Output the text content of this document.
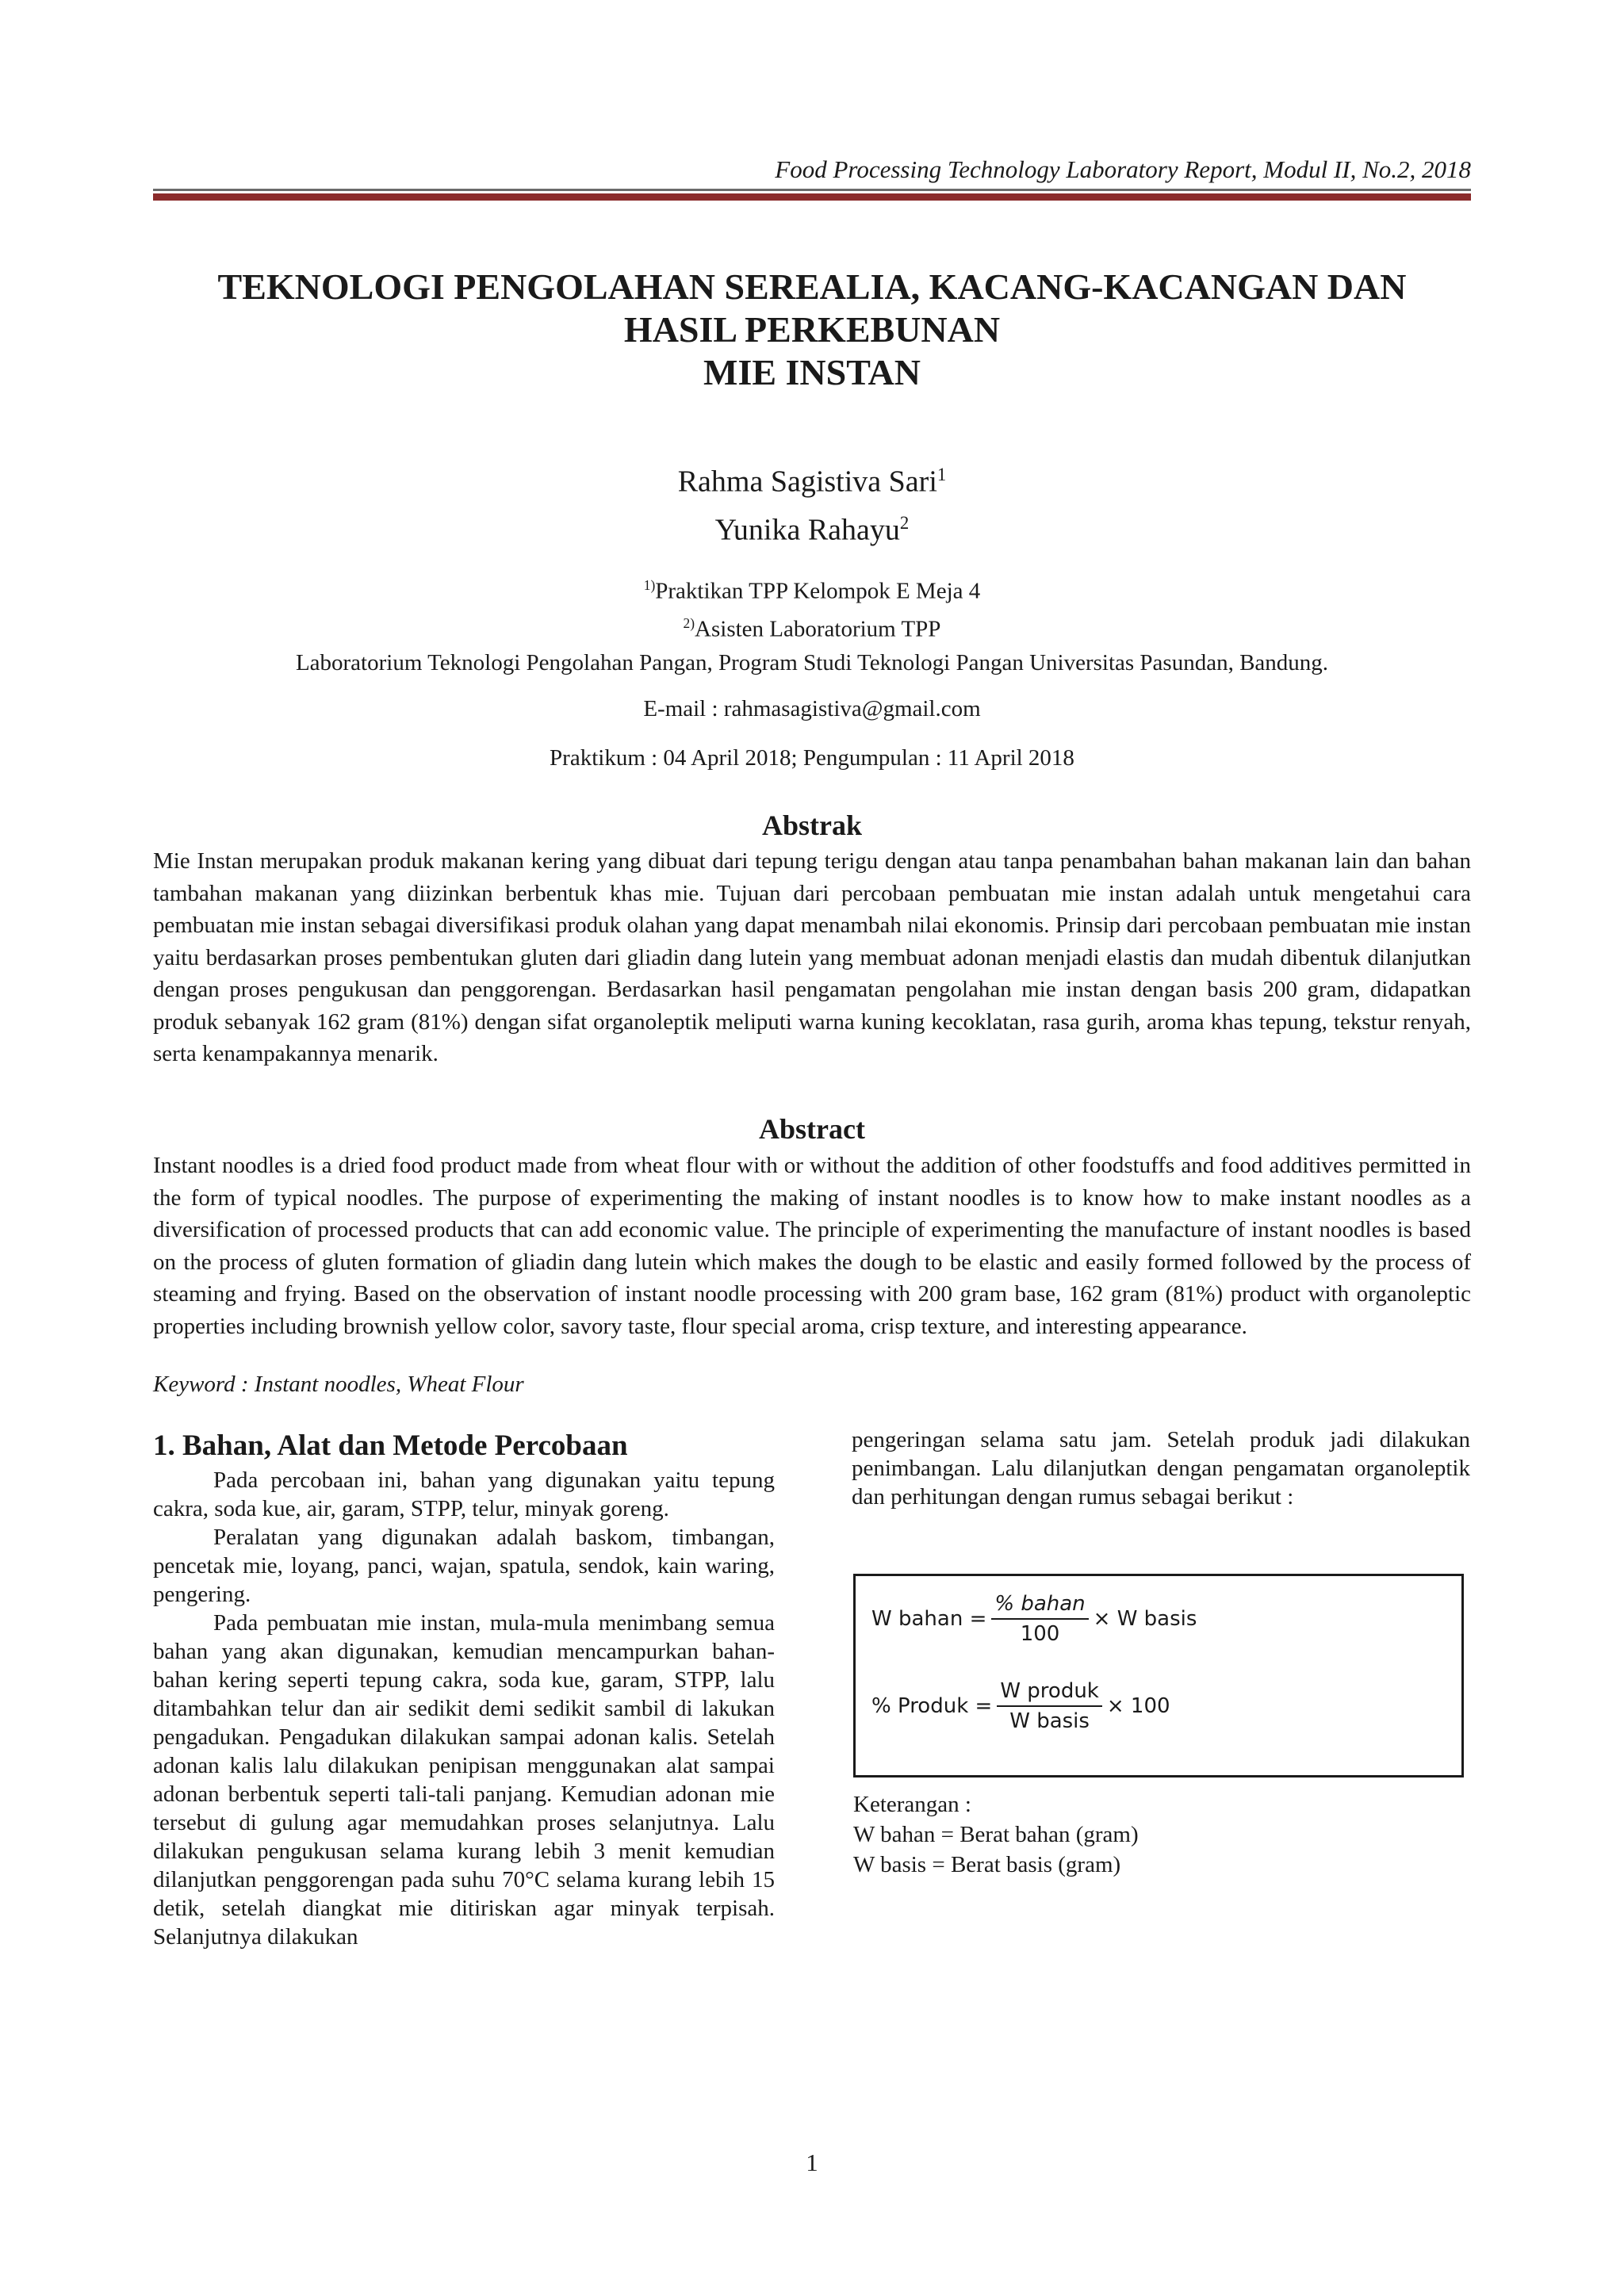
Food Processing Technology Laboratory Report, Modul II, No.2, 2018
TEKNOLOGI PENGOLAHAN SEREALIA, KACANG-KACANGAN DAN
HASIL PERKEBUNAN
MIE INSTAN
Rahma Sagistiva Sari$^1$
Yunika Rahayu$^2$
$^{1)}$Praktikan TPP Kelompok E Meja 4
$^{2)}$Asisten Laboratorium TPP
Laboratorium Teknologi Pengolahan Pangan, Program Studi Teknologi Pangan Universitas Pasundan, Bandung.
E-mail : rahmasagistiva@gmail.com
Praktikum : 04 April 2018; Pengumpulan : 11 April 2018
Abstrak
Mie Instan merupakan produk makanan kering yang dibuat dari tepung terigu dengan atau tanpa penambahan bahan makanan lain dan bahan tambahan makanan yang diizinkan berbentuk khas mie. Tujuan dari percobaan pembuatan mie instan adalah untuk mengetahui cara pembuatan mie instan sebagai diversifikasi produk olahan yang dapat menambah nilai ekonomis. Prinsip dari percobaan pembuatan mie instan yaitu berdasarkan proses pembentukan gluten dari gliadin dang lutein yang membuat adonan menjadi elastis dan mudah dibentuk dilanjutkan dengan proses pengukusan dan penggorengan. Berdasarkan hasil pengamatan pengolahan mie instan dengan basis 200 gram, didapatkan produk sebanyak 162 gram (81%) dengan sifat organoleptik meliputi warna kuning kecoklatan, rasa gurih, aroma khas tepung, tekstur renyah, serta kenampakannya menarik.
Abstract
Instant noodles is a dried food product made from wheat flour with or without the addition of other foodstuffs and food additives permitted in the form of typical noodles. The purpose of experimenting the making of instant noodles is to know how to make instant noodles as a diversification of processed products that can add economic value. The principle of experimenting the manufacture of instant noodles is based on the process of gluten formation of gliadin dang lutein which makes the dough to be elastic and easily formed followed by the process of steaming and frying. Based on the observation of instant noodle processing with 200 gram base, 162 gram (81%) product with organoleptic properties including brownish yellow color, savory taste, flour special aroma, crisp texture, and interesting appearance.
Keyword : Instant noodles, Wheat Flour
1. Bahan, Alat dan Metode Percobaan

Pada percobaan ini, bahan yang digunakan yaitu tepung cakra, soda kue, air, garam, STPP, telur, minyak goreng.

Peralatan yang digunakan adalah baskom, timbangan, pencetak mie, loyang, panci, wajan, spatula, sendok, kain waring, pengering.

Pada pembuatan mie instan, mula-mula menimbang semua bahan yang akan digunakan, kemudian mencampurkan bahan-bahan kering seperti tepung cakra, soda kue, garam, STPP, lalu ditambahkan telur dan air sedikit demi sedikit sambil di lakukan pengadukan. Pengadukan dilakukan sampai adonan kalis. Setelah adonan kalis lalu dilakukan penipisan menggunakan alat sampai adonan berbentuk seperti tali-tali panjang. Kemudian adonan mie tersebut di gulung agar memudahkan proses selanjutnya. Lalu dilakukan pengukusan selama kurang lebih 3 menit kemudian dilanjutkan penggorengan pada suhu 70°C selama kurang lebih 15 detik, setelah diangkat mie ditiriskan agar minyak terpisah. Selanjutnya dilakukan

pengeringan selama satu jam. Setelah produk jadi dilakukan penimbangan. Lalu dilanjutkan dengan pengamatan organoleptik dan perhitungan dengan rumus sebagai berikut :

W bahan = $\frac{\text{\% bahan}}{100} \times W$ basis
% Produk = $\frac{\text{W produk}}{\text{W basis}} \times 100$
Keterangan :
W bahan = Berat bahan (gram)
W basis = Berat basis (gram)
1
